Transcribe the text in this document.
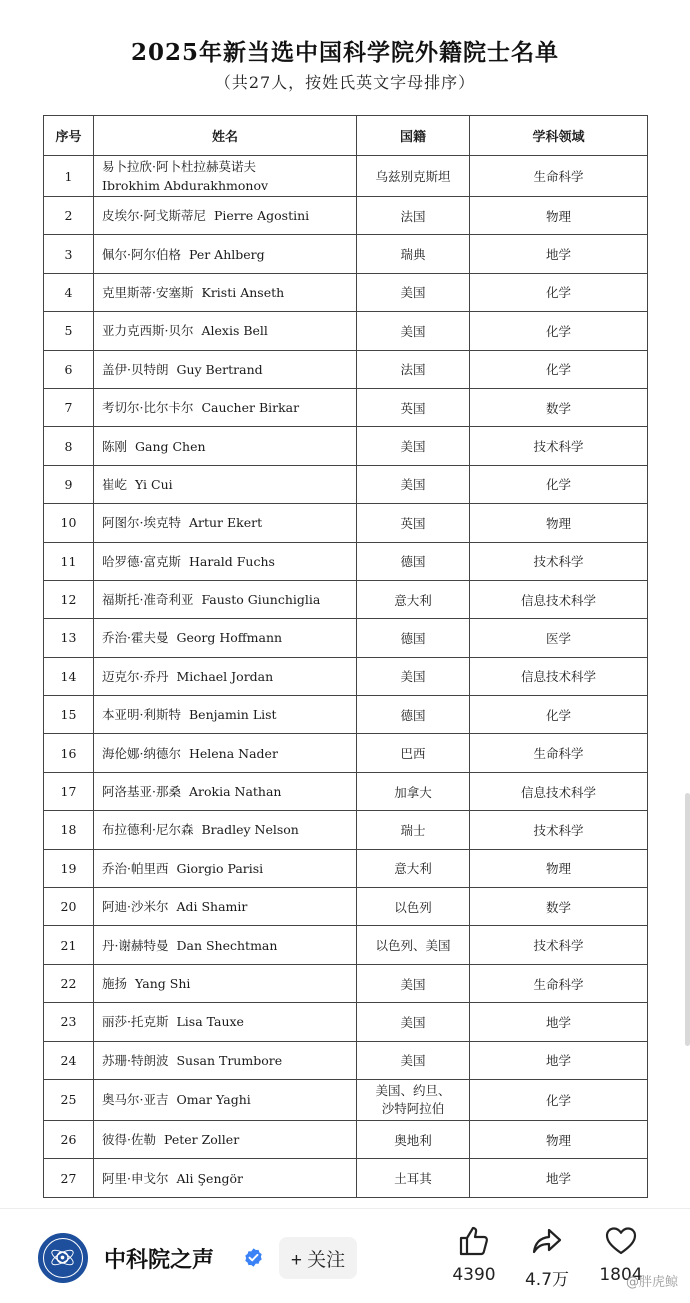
2025年新当选中国科学院外籍院士名单
（共27人，按姓氏英文字母排序）
序号	姓名	国籍	学科领域
1	易卜拉欣·阿卜杜拉赫莫诺夫
Ibrokhim Abdurakhmonov	乌兹别克斯坦	生命科学
2	皮埃尔·阿戈斯蒂尼 Pierre Agostini	法国	物理
3	佩尔·阿尔伯格 Per Ahlberg	瑞典	地学
4	克里斯蒂·安塞斯 Kristi Anseth	美国	化学
5	亚力克西斯·贝尔 Alexis Bell	美国	化学
6	盖伊·贝特朗 Guy Bertrand	法国	化学
7	考切尔·比尔卡尔 Caucher Birkar	英国	数学
8	陈刚 Gang Chen	美国	技术科学
9	崔屹 Yi Cui	美国	化学
10	阿图尔·埃克特 Artur Ekert	英国	物理
11	哈罗德·富克斯 Harald Fuchs	德国	技术科学
12	福斯托·准奇利亚 Fausto Giunchiglia	意大利	信息技术科学
13	乔治·霍夫曼 Georg Hoffmann	德国	医学
14	迈克尔·乔丹 Michael Jordan	美国	信息技术科学
15	本亚明·利斯特 Benjamin List	德国	化学
16	海伦娜·纳德尔 Helena Nader	巴西	生命科学
17	阿洛基亚·那桑 Arokia Nathan	加拿大	信息技术科学
18	布拉德利·尼尔森 Bradley Nelson	瑞士	技术科学
19	乔治·帕里西 Giorgio Parisi	意大利	物理
20	阿迪·沙米尔 Adi Shamir	以色列	数学
21	丹·谢赫特曼 Dan Shechtman	以色列、美国	技术科学
22	施扬 Yang Shi	美国	生命科学
23	丽莎·托克斯 Lisa Tauxe	美国	地学
24	苏珊·特朗波 Susan Trumbore	美国	地学
25	奥马尔·亚吉 Omar Yaghi	美国、约旦、
沙特阿拉伯	化学
26	彼得·佐勒 Peter Zoller	奥地利	物理
27	阿里·申戈尔 Ali Şengör	土耳其	地学
中科院之声	+ 关注
4390	4.7万	1804
@胖虎鲸
